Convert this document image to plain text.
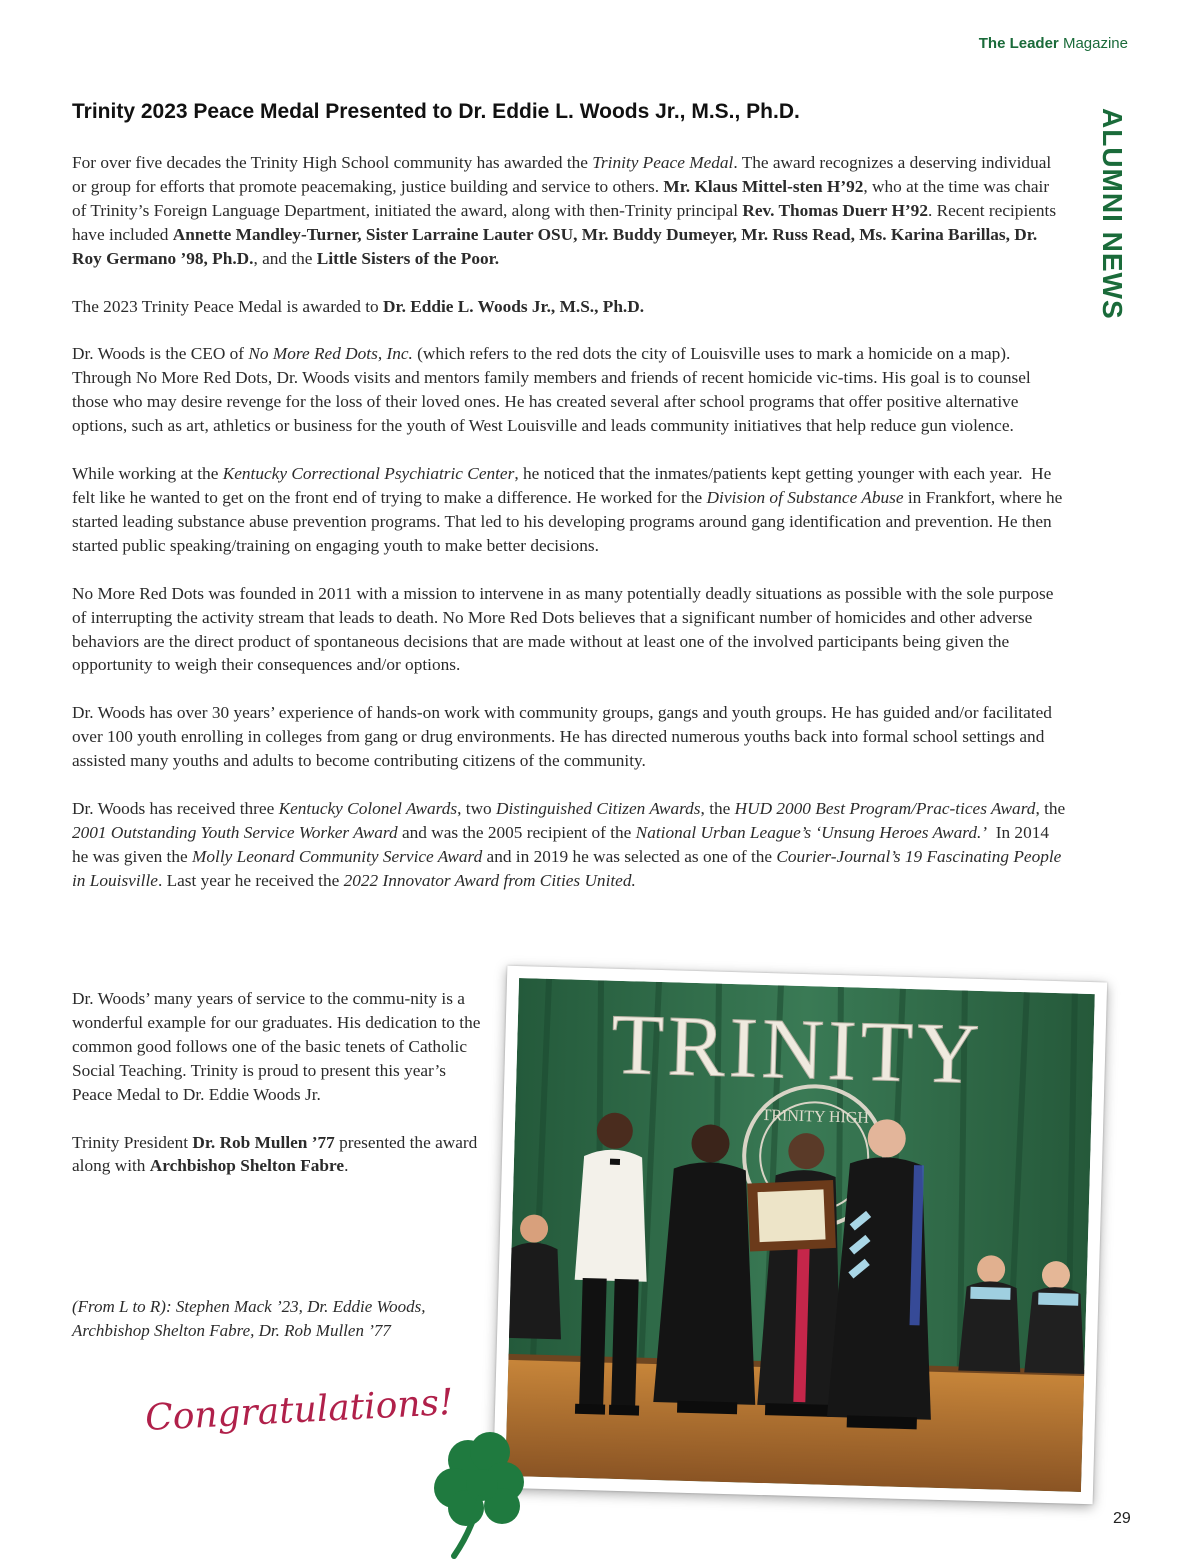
The Leader Magazine
ALUMNI NEWS
Trinity 2023 Peace Medal Presented to Dr. Eddie L. Woods Jr., M.S., Ph.D.

For over five decades the Trinity High School community has awarded the Trinity Peace Medal. The award recognizes a deserving individual or group for efforts that promote peacemaking, justice building and service to others. Mr. Klaus Mittel-sten H’92, who at the time was chair of Trinity’s Foreign Language Department, initiated the award, along with then-Trinity principal Rev. Thomas Duerr H’92. Recent recipients have included Annette Mandley-Turner, Sister Larraine Lauter OSU, Mr. Buddy Dumeyer, Mr. Russ Read, Ms. Karina Barillas, Dr. Roy Germano ’98, Ph.D., and the Little Sisters of the Poor.

The 2023 Trinity Peace Medal is awarded to Dr. Eddie L. Woods Jr., M.S., Ph.D.

Dr. Woods is the CEO of No More Red Dots, Inc. (which refers to the red dots the city of Louisville uses to mark a homicide on a map).  Through No More Red Dots, Dr. Woods visits and mentors family members and friends of recent homicide vic-tims. His goal is to counsel those who may desire revenge for the loss of their loved ones. He has created several after school programs that offer positive alternative options, such as art, athletics or business for the youth of West Louisville and leads community initiatives that help reduce gun violence.

While working at the Kentucky Correctional Psychiatric Center, he noticed that the inmates/patients kept getting younger with each year.  He felt like he wanted to get on the front end of trying to make a difference. He worked for the Division of Substance Abuse in Frankfort, where he started leading substance abuse prevention programs. That led to his developing programs around gang identification and prevention. He then started public speaking/training on engaging youth to make better decisions.

No More Red Dots was founded in 2011 with a mission to intervene in as many potentially deadly situations as possible with the sole purpose of interrupting the activity stream that leads to death. No More Red Dots believes that a significant number of homicides and other adverse behaviors are the direct product of spontaneous decisions that are made without at least one of the involved participants being given the opportunity to weigh their consequences and/or options.

Dr. Woods has over 30 years’ experience of hands-on work with community groups, gangs and youth groups. He has guided and/or facilitated over 100 youth enrolling in colleges from gang or drug environments. He has directed numerous youths back into formal school settings and assisted many youths and adults to become contributing citizens of the community.

Dr. Woods has received three Kentucky Colonel Awards, two Distinguished Citizen Awards, the HUD 2000 Best Program/Prac-tices Award, the 2001 Outstanding Youth Service Worker Award and was the 2005 recipient of the National Urban League’s ‘Unsung Heroes Award.’  In 2014 he was given the Molly Leonard Community Service Award and in 2019 he was selected as one of the Courier-Journal’s 19 Fascinating People in Louisville. Last year he received the 2022 Innovator Award from Cities United.

Dr. Woods’ many years of service to the commu-nity is a wonderful example for our graduates. His dedication to the common good follows one of the basic tenets of Catholic Social Teaching. Trinity is proud to present this year’s Peace Medal to Dr. Eddie Woods Jr.

Trinity President Dr. Rob Mullen ’77 presented the award along with Archbishop Shelton Fabre.

(From L to R): Stephen Mack ’23, Dr. Eddie Woods, Archbishop Shelton Fabre, Dr. Rob Mullen ’77
Congratulations!
TRINITY
TRINITY HIGH
29
